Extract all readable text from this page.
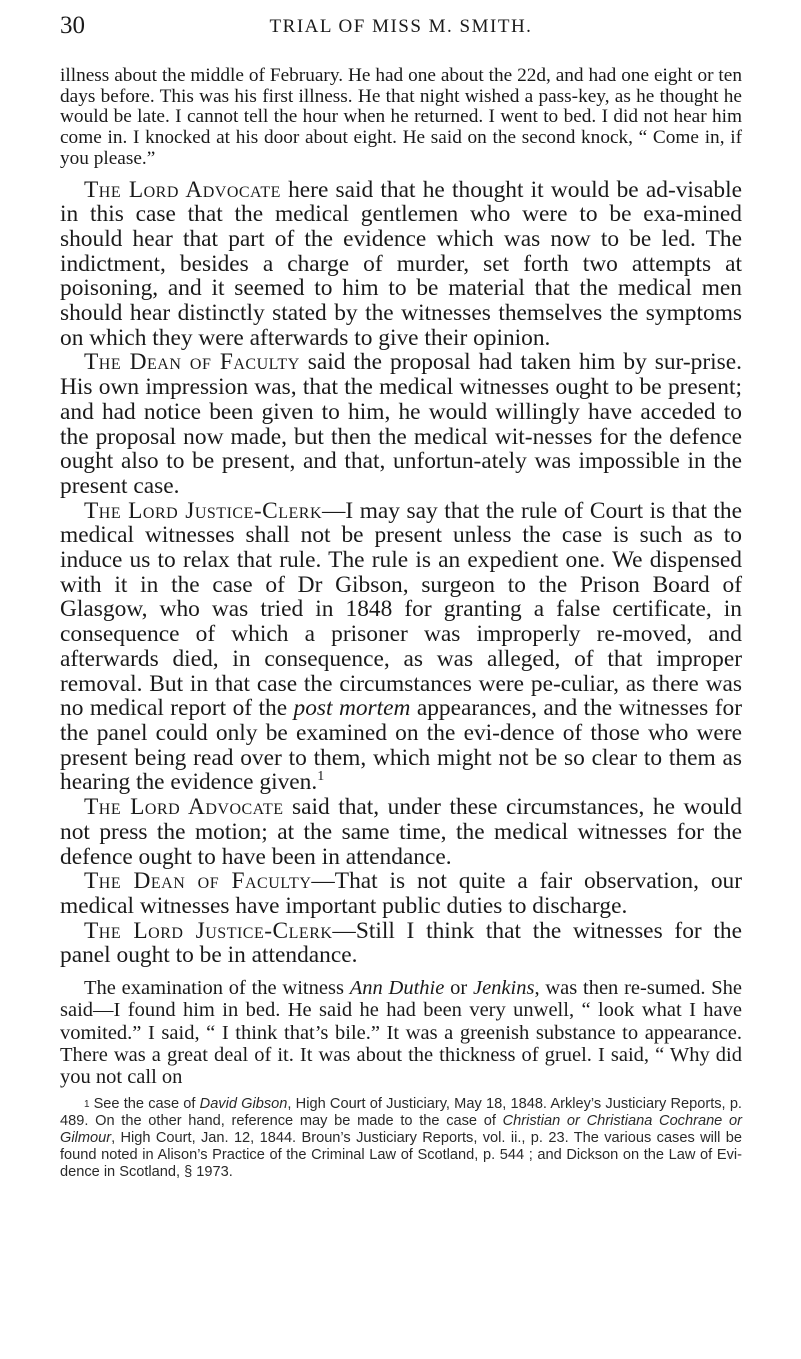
30	TRIAL OF MISS M. SMITH.

illness about the middle of February. He had one about the 22d, and had one eight or ten days before. This was his first illness. He that night wished a pass-key, as he thought he would be late. I cannot tell the hour when he returned. I went to bed. I did not hear him come in. I knocked at his door about eight. He said on the second knock, “ Come in, if you please.”

The Lord Advocate here said that he thought it would be ad-visable in this case that the medical gentlemen who were to be exa-mined should hear that part of the evidence which was now to be led. The indictment, besides a charge of murder, set forth two attempts at poisoning, and it seemed to him to be material that the medical men should hear distinctly stated by the witnesses themselves the symptoms on which they were afterwards to give their opinion.

The Dean of Faculty said the proposal had taken him by sur-prise. His own impression was, that the medical witnesses ought to be present; and had notice been given to him, he would willingly have acceded to the proposal now made, but then the medical wit-nesses for the defence ought also to be present, and that, unfortun-ately was impossible in the present case.

The Lord Justice-Clerk—I may say that the rule of Court is that the medical witnesses shall not be present unless the case is such as to induce us to relax that rule. The rule is an expedient one. We dispensed with it in the case of Dr Gibson, surgeon to the Prison Board of Glasgow, who was tried in 1848 for granting a false certificate, in consequence of which a prisoner was improperly re-moved, and afterwards died, in consequence, as was alleged, of that improper removal. But in that case the circumstances were pe-culiar, as there was no medical report of the post mortem appearances, and the witnesses for the panel could only be examined on the evi-dence of those who were present being read over to them, which might not be so clear to them as hearing the evidence given.$^1$

The Lord Advocate said that, under these circumstances, he would not press the motion; at the same time, the medical witnesses for the defence ought to have been in attendance.

The Dean of Faculty—That is not quite a fair observation, our medical witnesses have important public duties to discharge.

The Lord Justice-Clerk—Still I think that the witnesses for the panel ought to be in attendance.

The examination of the witness Ann Duthie or Jenkins, was then re-sumed. She said—I found him in bed. He said he had been very unwell, “ look what I have vomited.” I said, “ I think that’s bile.” It was a greenish substance to appearance. There was a great deal of it. It was about the thickness of gruel. I said, “ Why did you not call on

$^1$ See the case of David Gibson, High Court of Justiciary, May 18, 1848. Arkley’s Justiciary Reports, p. 489. On the other hand, reference may be made to the case of Christian or Christiana Cochrane or Gilmour, High Court, Jan. 12, 1844. Broun’s Justiciary Reports, vol. ii., p. 23. The various cases will be found noted in Alison’s Practice of the Criminal Law of Scotland, p. 544 ; and Dickson on the Law of Evi-dence in Scotland, § 1973.
